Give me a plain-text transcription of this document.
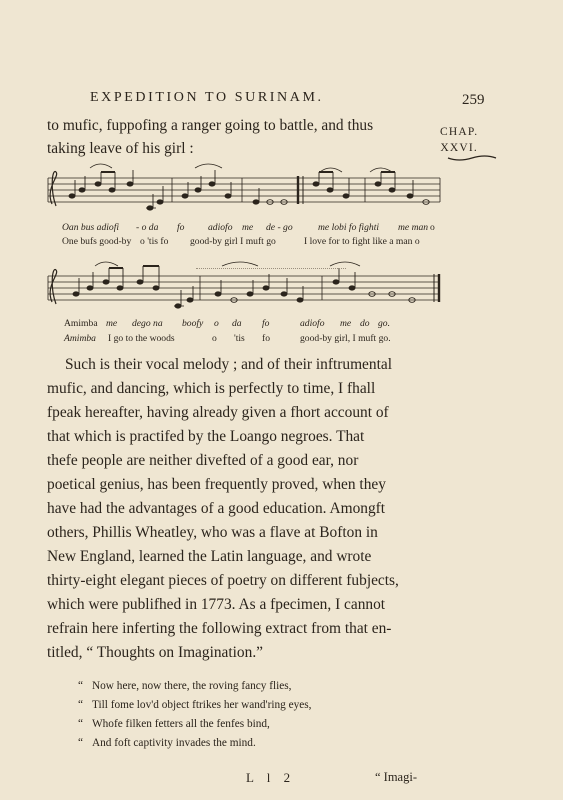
EXPEDITION TO SURINAM.	259
CHAP.
XXVI.
to mufic, fuppofing a ranger going to battle, and thus
taking leave of his girl :
Oan bus adiofi - o da fo adiofo me de - go	me lobi fo fighti me man o
One bufs good-by o 'tis fo good-by girl I muft go	I love for to fight like a man o
Amimba me dego na boofy o da fo	adiofo me do go.
Amimba I go to the woods	o 'tis fo	good-by girl, I muft go.
Such is their vocal melody ; and of their inftrumental
mufic, and dancing, which is perfectly to time, I fhall
fpeak hereafter, having already given a fhort account of
that which is practifed by the Loango negroes. That
thefe people are neither divefted of a good ear, nor
poetical genius, has been frequently proved, when they
have had the advantages of a good education. Amongft
others, Phillis Wheatley, who was a flave at Bofton in
New England, learned the Latin language, and wrote
thirty-eight elegant pieces of poetry on different fubjects,
which were publifhed in 1773. As a fpecimen, I cannot
refrain here inferting the following extract from that en-
titled, “ Thoughts on Imagination.”
“ Now here, now there, the roving fancy flies,
“ Till fome lov'd object ftrikes her wand'ring eyes,
“ Whofe filken fetters all the fenfes bind,
“ And foft captivity invades the mind.
L l 2	“ Imagi-
